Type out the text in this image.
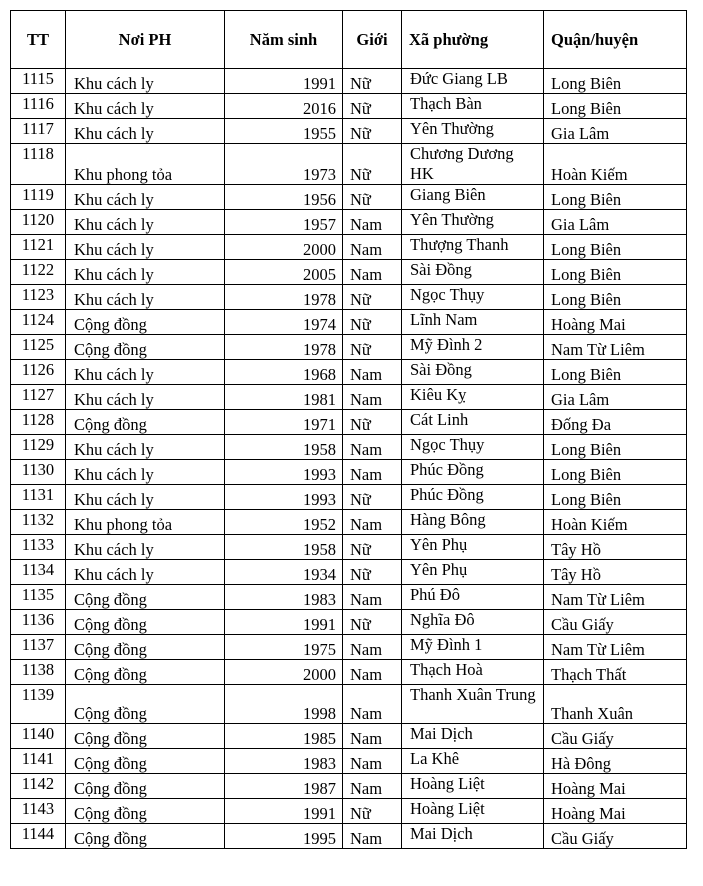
TT	Nơi PH	Năm sinh	Giới	Xã phường	Quận/huyện
1115	Khu cách ly	1991	Nữ	Đức Giang LB	Long Biên
1116	Khu cách ly	2016	Nữ	Thạch Bàn	Long Biên
1117	Khu cách ly	1955	Nữ	Yên Thường	Gia Lâm
1118	Khu phong tỏa	1973	Nữ	Chương Dương HK	Hoàn Kiếm
1119	Khu cách ly	1956	Nữ	Giang Biên	Long Biên
1120	Khu cách ly	1957	Nam	Yên Thường	Gia Lâm
1121	Khu cách ly	2000	Nam	Thượng Thanh	Long Biên
1122	Khu cách ly	2005	Nam	Sài Đồng	Long Biên
1123	Khu cách ly	1978	Nữ	Ngọc Thụy	Long Biên
1124	Cộng đồng	1974	Nữ	Lĩnh Nam	Hoàng Mai
1125	Cộng đồng	1978	Nữ	Mỹ Đình 2	Nam Từ Liêm
1126	Khu cách ly	1968	Nam	Sài Đồng	Long Biên
1127	Khu cách ly	1981	Nam	Kiêu Kỵ	Gia Lâm
1128	Cộng đồng	1971	Nữ	Cát Linh	Đống Đa
1129	Khu cách ly	1958	Nam	Ngọc Thụy	Long Biên
1130	Khu cách ly	1993	Nam	Phúc Đồng	Long Biên
1131	Khu cách ly	1993	Nữ	Phúc Đồng	Long Biên
1132	Khu phong tỏa	1952	Nam	Hàng Bông	Hoàn Kiếm
1133	Khu cách ly	1958	Nữ	Yên Phụ	Tây Hồ
1134	Khu cách ly	1934	Nữ	Yên Phụ	Tây Hồ
1135	Cộng đồng	1983	Nam	Phú Đô	Nam Từ Liêm
1136	Cộng đồng	1991	Nữ	Nghĩa Đô	Cầu Giấy
1137	Cộng đồng	1975	Nam	Mỹ Đình 1	Nam Từ Liêm
1138	Cộng đồng	2000	Nam	Thạch Hoà	Thạch Thất
1139	Cộng đồng	1998	Nam	Thanh Xuân Trung	Thanh Xuân
1140	Cộng đồng	1985	Nam	Mai Dịch	Cầu Giấy
1141	Cộng đồng	1983	Nam	La Khê	Hà Đông
1142	Cộng đồng	1987	Nam	Hoàng Liệt	Hoàng Mai
1143	Cộng đồng	1991	Nữ	Hoàng Liệt	Hoàng Mai
1144	Cộng đồng	1995	Nam	Mai Dịch	Cầu Giấy
